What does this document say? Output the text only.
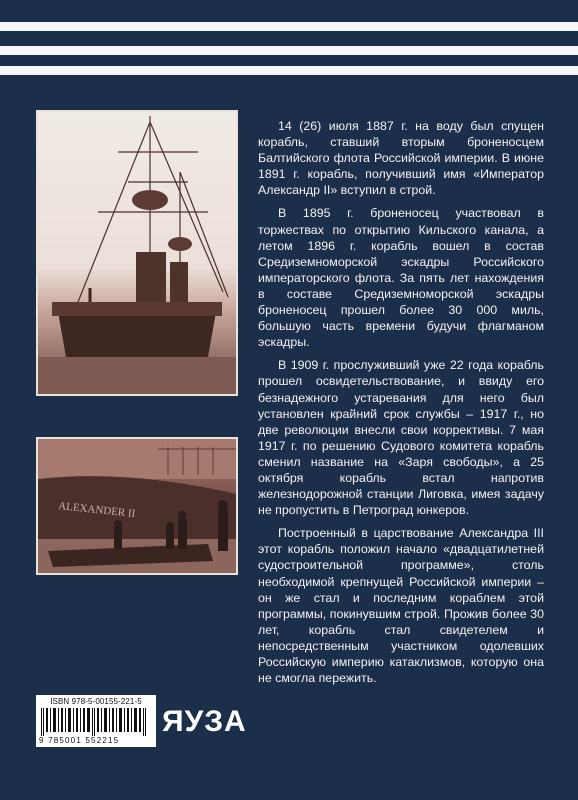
ALEXANDER II

14 (26) июля 1887 г. на воду был спущен корабль, ставший вторым броненосцем Балтийского флота Российской империи. В июне 1891 г. корабль, получивший имя «Император Александр II» вступил в строй.

В 1895 г. броненосец участвовал в торжествах по открытию Кильского канала, а летом 1896 г. корабль вошел в состав Средиземноморской эскадры Российского императорского флота. За пять лет нахождения в составе Средиземноморской эскадры броненосец прошел более 30 000 миль, большую часть времени будучи флагманом эскадры.

В 1909 г. прослуживший уже 22 года корабль прошел освидетельствование, и ввиду его безнадежного устаревания для него был установлен крайний срок службы – 1917 г., но две революции внесли свои коррективы. 7 мая 1917 г. по решению Судового комитета корабль сменил название на «Заря свободы», а 25 октября корабль встал напротив железнодорожной станции Лиговка, имея задачу не пропустить в Петроград юнкеров.

Построенный в царствование Александра III этот корабль положил начало «двадцатилетней судостроительной программе», столь необходимой крепнущей Российской империи – он же стал и последним кораблем этой программы, покинувшим строй. Прожив более 30 лет, корабль стал свидетелем и непосредственным участником одолевших Российскую империю катаклизмов, которую она не смогла пережить.

ISBN 978-5-00155-221-5
9 785001 552215
ЯУЗА
